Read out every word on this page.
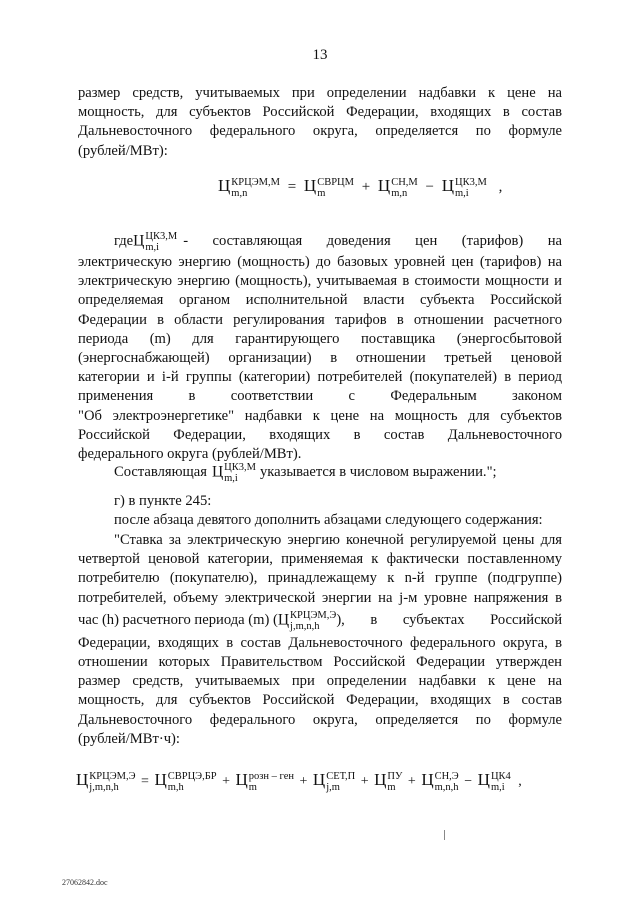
13
размер средств, учитываемых при определении надбавки к цене на
мощность, для субъектов Российской Федерации, входящих в состав
Дальневосточного федерального округа, определяется по формуле
(рублей/МВт):
Ц КРЦЭМ,М
m,n	= Ц СВРЦМ
m	+ Ц СН,М
m,n	− Ц ЦК3,М
m,i	,
где Ц ЦК3,М
m,i	- составляющая доведения цен (тарифов) на
электрическую энергию (мощность) до базовых уровней цен (тарифов) на
электрическую энергию (мощность), учитываемая в стоимости мощности и
определяемая органом исполнительной власти субъекта Российской
Федерации в области регулирования тарифов в отношении расчетного
периода (m) для гарантирующего поставщика (энергосбытовой
(энергоснабжающей) организации) в отношении третьей ценовой
категории и i-й группы (категории) потребителей (покупателей) в период
применения в соответствии с Федеральным законом
"Об электроэнергетике" надбавки к цене на мощность для субъектов
Российской Федерации, входящих в состав Дальневосточного
федерального округа (рублей/МВт).
Составляющая Ц ЦК3,М
m,i	указывается в числовом выражении.";
г) в пункте 245:
после абзаца девятого дополнить абзацами следующего содержания:
"Ставка за электрическую энергию конечной регулируемой цены для
четвертой ценовой категории, применяемая к фактически поставленному
потребителю (покупателю), принадлежащему к n-й группе (подгруппе)
потребителей, объему электрической энергии на j-м уровне напряжения в
час (h) расчетного периода (m) ( Ц КРЦЭМ,Э
j,m,n,h	), в субъектах Российской
Федерации, входящих в состав Дальневосточного федерального округа, в
отношении которых Правительством Российской Федерации утвержден
размер средств, учитываемых при определении надбавки к цене на
мощность, для субъектов Российской Федерации, входящих в состав
Дальневосточного федерального округа, определяется по формуле
(рублей/МВт·ч):
Ц КРЦЭМ,Э
j,m,n,h	= Ц СВРЦЭ,БР
m,h	+ Ц розн – ген
m	+ Ц СЕТ,П
j,m	+ Ц ПУ
m + Ц СН,Э
m,n,h − Ц ЦК4
m,i ,
27062842.doc
